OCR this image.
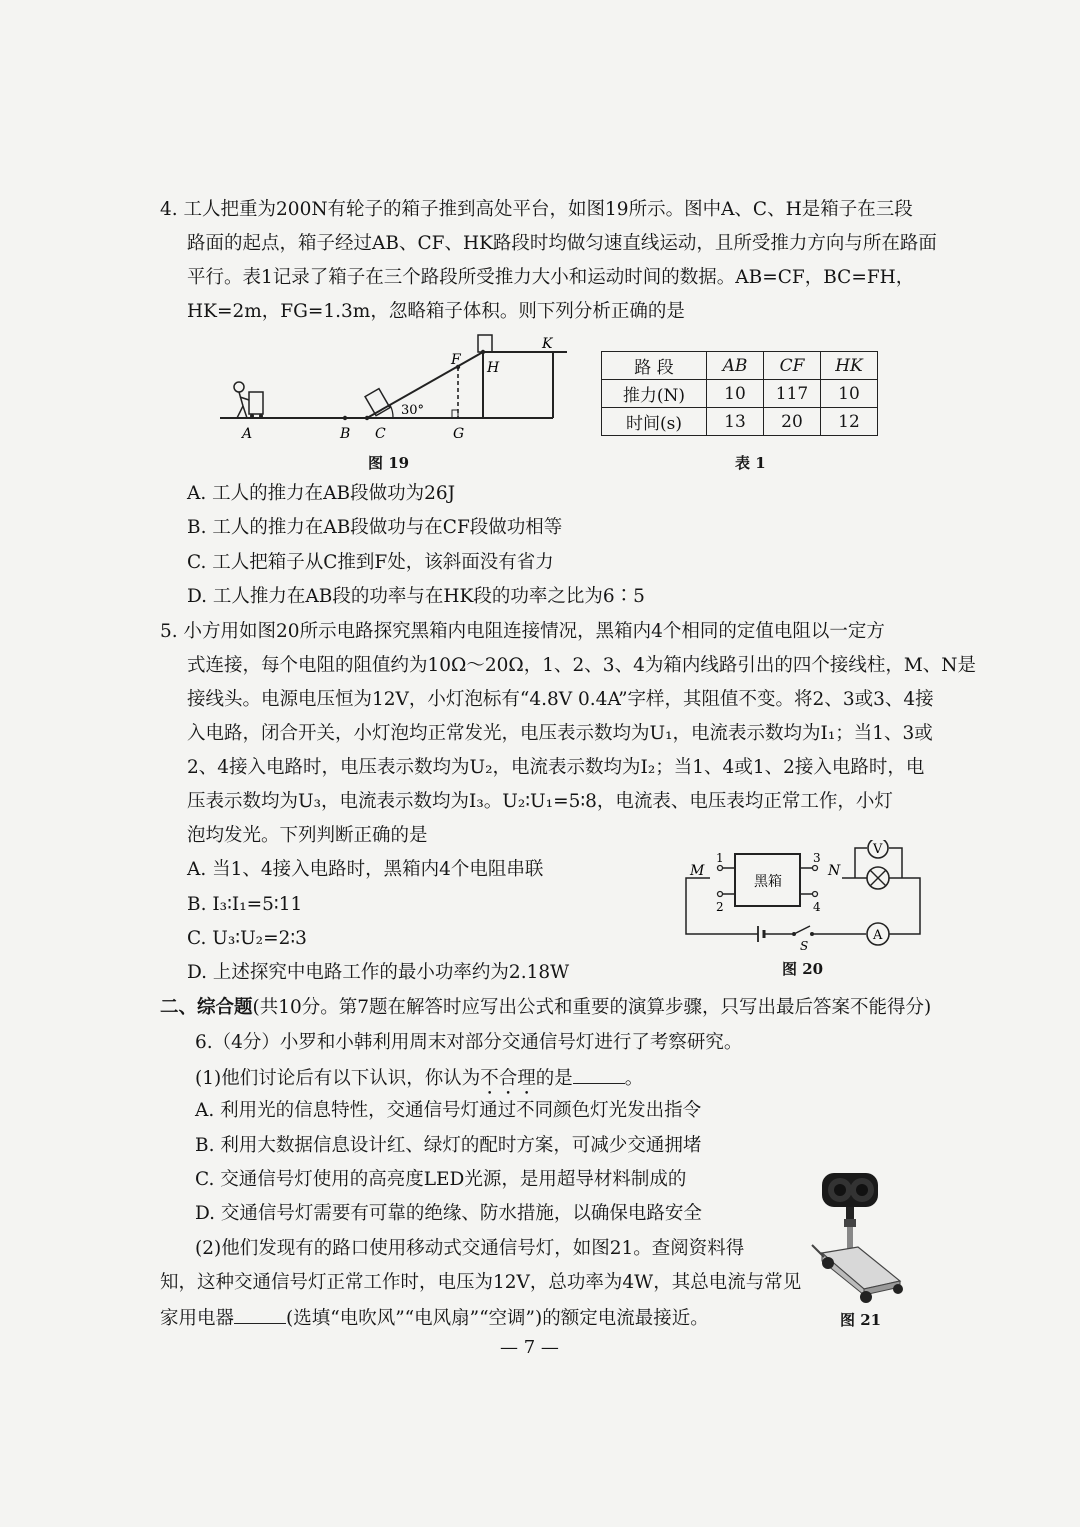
4. 工人把重为200N有轮子的箱子推到高处平台，如图19所示。图中A、C、H是箱子在三段
路面的起点，箱子经过AB、CF、HK路段时均做匀速直线运动，且所受推力方向与所在路面
平行。表1记录了箱子在三个路段所受推力大小和运动时间的数据。AB=CF，BC=FH，
HK=2m，FG=1.3m，忽略箱子体积。则下列分析正确的是
30°
A	B C	G
F H
K
图 19
路 段	AB	CF	HK
推力(N)	10	117	10
时间(s)	13	20	12
表 1
A. 工人的推力在AB段做功为26J
B. 工人的推力在AB段做功与在CF段做功相等
C. 工人把箱子从C推到F处，该斜面没有省力
D. 工人推力在AB段的功率与在HK段的功率之比为6∶5
5. 小方用如图20所示电路探究黑箱内电阻连接情况，黑箱内4个相同的定值电阻以一定方
式连接，每个电阻的阻值约为10Ω～20Ω，1、2、3、4为箱内线路引出的四个接线柱，M、N是
接线头。电源电压恒为12V，小灯泡标有“4.8V 0.4A”字样，其阻值不变。将2、3或3、4接
入电路，闭合开关，小灯泡均正常发光，电压表示数均为U₁，电流表示数均为I₁；当1、3或
2、4接入电路时，电压表示数均为U₂，电流表示数均为I₂；当1、4或1、2接入电路时，电
压表示数均为U₃，电流表示数均为I₃。U₂∶U₁=5∶8，电流表、电压表均正常工作，小灯
泡均发光。下列判断正确的是
A. 当1、4接入电路时，黑箱内4个电阻串联
B. I₃∶I₁=5∶11
C. U₃∶U₂=2∶3
D. 上述探究中电路工作的最小功率约为2.18W
黑箱
1
2
3
4
M
S
A
N
V
图 20
二、综合题(共10分。第7题在解答时应写出公式和重要的演算步骤，只写出最后答案不能得分)
6.（4分）小罗和小韩利用周末对部分交通信号灯进行了考察研究。
(1)他们讨论后有以下认识，你认为不合理的是	。
A. 利用光的信息特性，交通信号灯通过不同颜色灯光发出指令
B. 利用大数据信息设计红、绿灯的配时方案，可减少交通拥堵
C. 交通信号灯使用的高亮度LED光源，是用超导材料制成的
D. 交通信号灯需要有可靠的绝缘、防水措施，以确保电路安全
(2)他们发现有的路口使用移动式交通信号灯，如图21。查阅资料得
知，这种交通信号灯正常工作时，电压为12V，总功率为4W，其总电流与常见
家用电器	(选填“电吹风”“电风扇”“空调”)的额定电流最接近。	图 21
— 7 —
